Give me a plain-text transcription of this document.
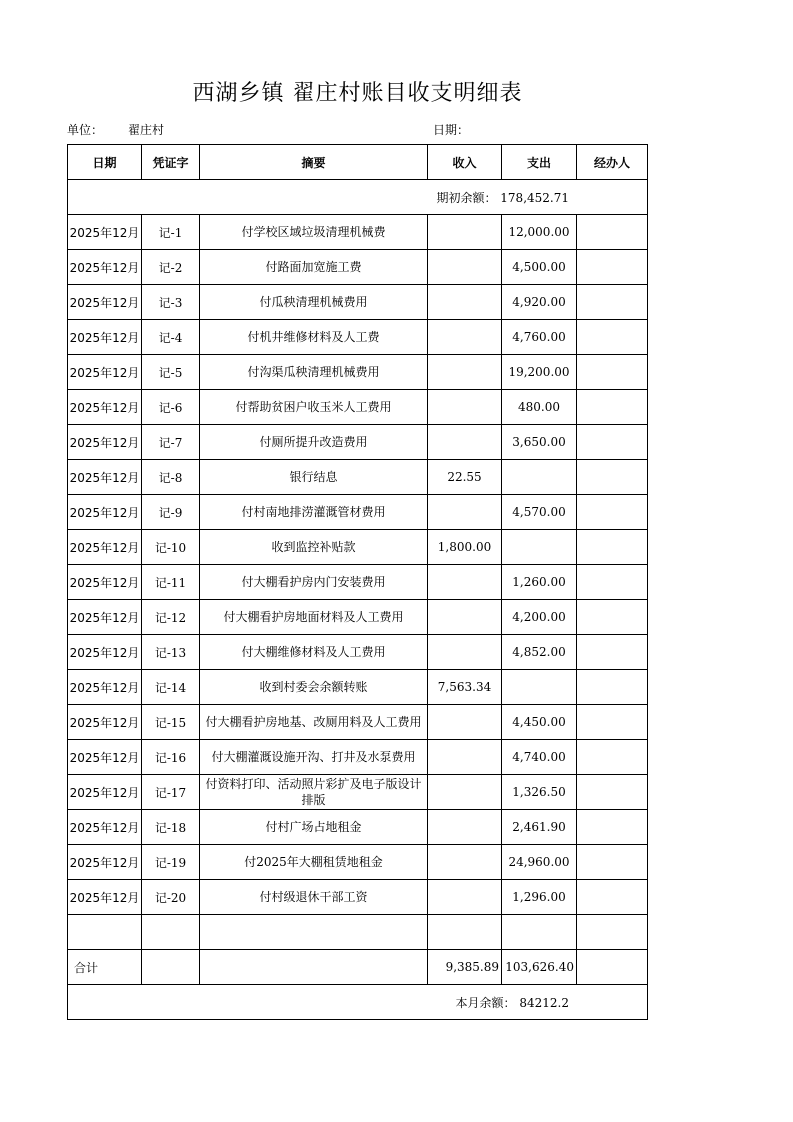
西湖乡镇 翟庄村账目收支明细表
单位： 翟庄村	日期：
日期	凭证字	摘要	收入	支出	经办人
期初余额： 178,452.71					
2025年12月	记-1	付学校区域垃圾清理机械费		12,000.00	
2025年12月	记-2	付路面加宽施工费		4,500.00	
2025年12月	记-3	付瓜秧清理机械费用		4,920.00	
2025年12月	记-4	付机井维修材料及人工费		4,760.00	
2025年12月	记-5	付沟渠瓜秧清理机械费用		19,200.00	
2025年12月	记-6	付帮助贫困户收玉米人工费用		480.00	
2025年12月	记-7	付厕所提升改造费用		3,650.00	
2025年12月	记-8	银行结息	22.55		
2025年12月	记-9	付村南地排涝灌溉管材费用		4,570.00	
2025年12月	记-10	收到监控补贴款	1,800.00		
2025年12月	记-11	付大棚看护房内门安装费用		1,260.00	
2025年12月	记-12	付大棚看护房地面材料及人工费用		4,200.00	
2025年12月	记-13	付大棚维修材料及人工费用		4,852.00	
2025年12月	记-14	收到村委会余额转账	7,563.34		
2025年12月	记-15	付大棚看护房地基、改厕用料及人工费用		4,450.00	
2025年12月	记-16	付大棚灌溉设施开沟、打井及水泵费用		4,740.00	
2025年12月	记-17	付资料打印、活动照片彩扩及电子版设计排版		1,326.50	
2025年12月	记-18	付村广场占地租金		2,461.90	
2025年12月	记-19	付2025年大棚租赁地租金		24,960.00	
2025年12月	记-20	付村级退休干部工资		1,296.00	

合计			9,385.89	103,626.40	
本月余额： 84212.2					
